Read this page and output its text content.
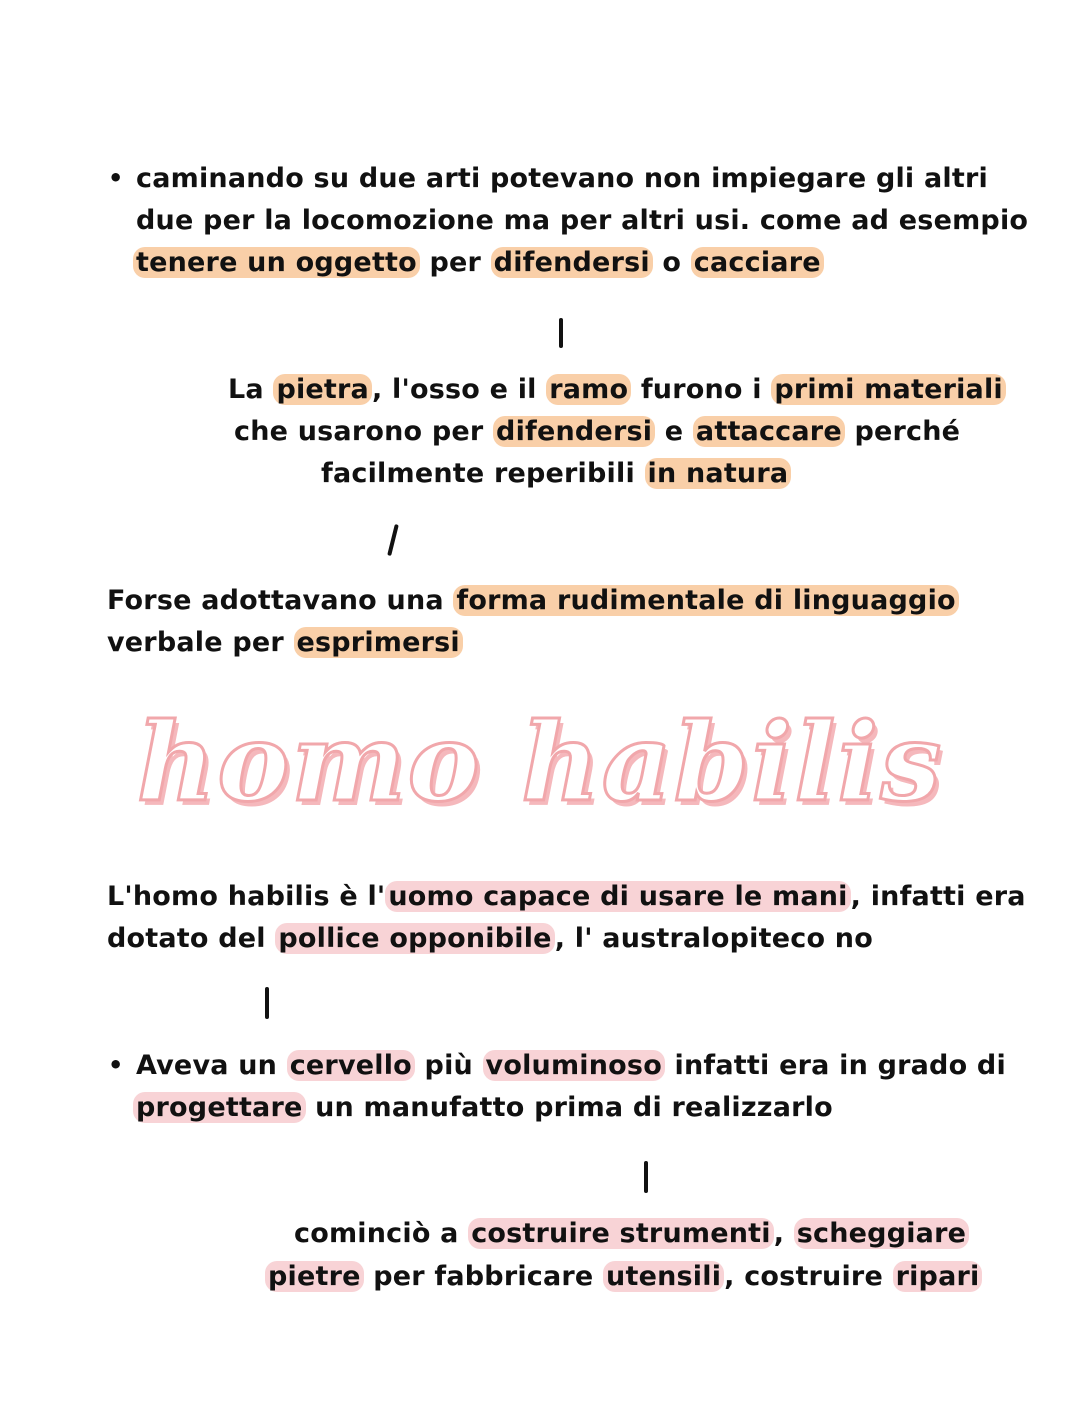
• caminando su due arti potevano non impiegare gli altri
due per la locomozione ma per altri usi. come ad esempio
tenere un oggetto per difendersi o cacciare
La pietra , l'osso e il ramo furono i primi materiali
che usarono per difendersi e attaccare perché
facilmente reperibili in natura
Forse adottavano una forma rudimentale di linguaggio
verbale per esprimersi
homo habilis
L'homo habilis è l' uomo capace di usare le mani , infatti era
dotato del pollice opponibile , l' australopiteco no
• Aveva un cervello più voluminoso infatti era in grado di
progettare un manufatto prima di realizzarlo
cominciò a costruire strumenti , scheggiare
pietre per fabbricare utensili , costruire ripari
